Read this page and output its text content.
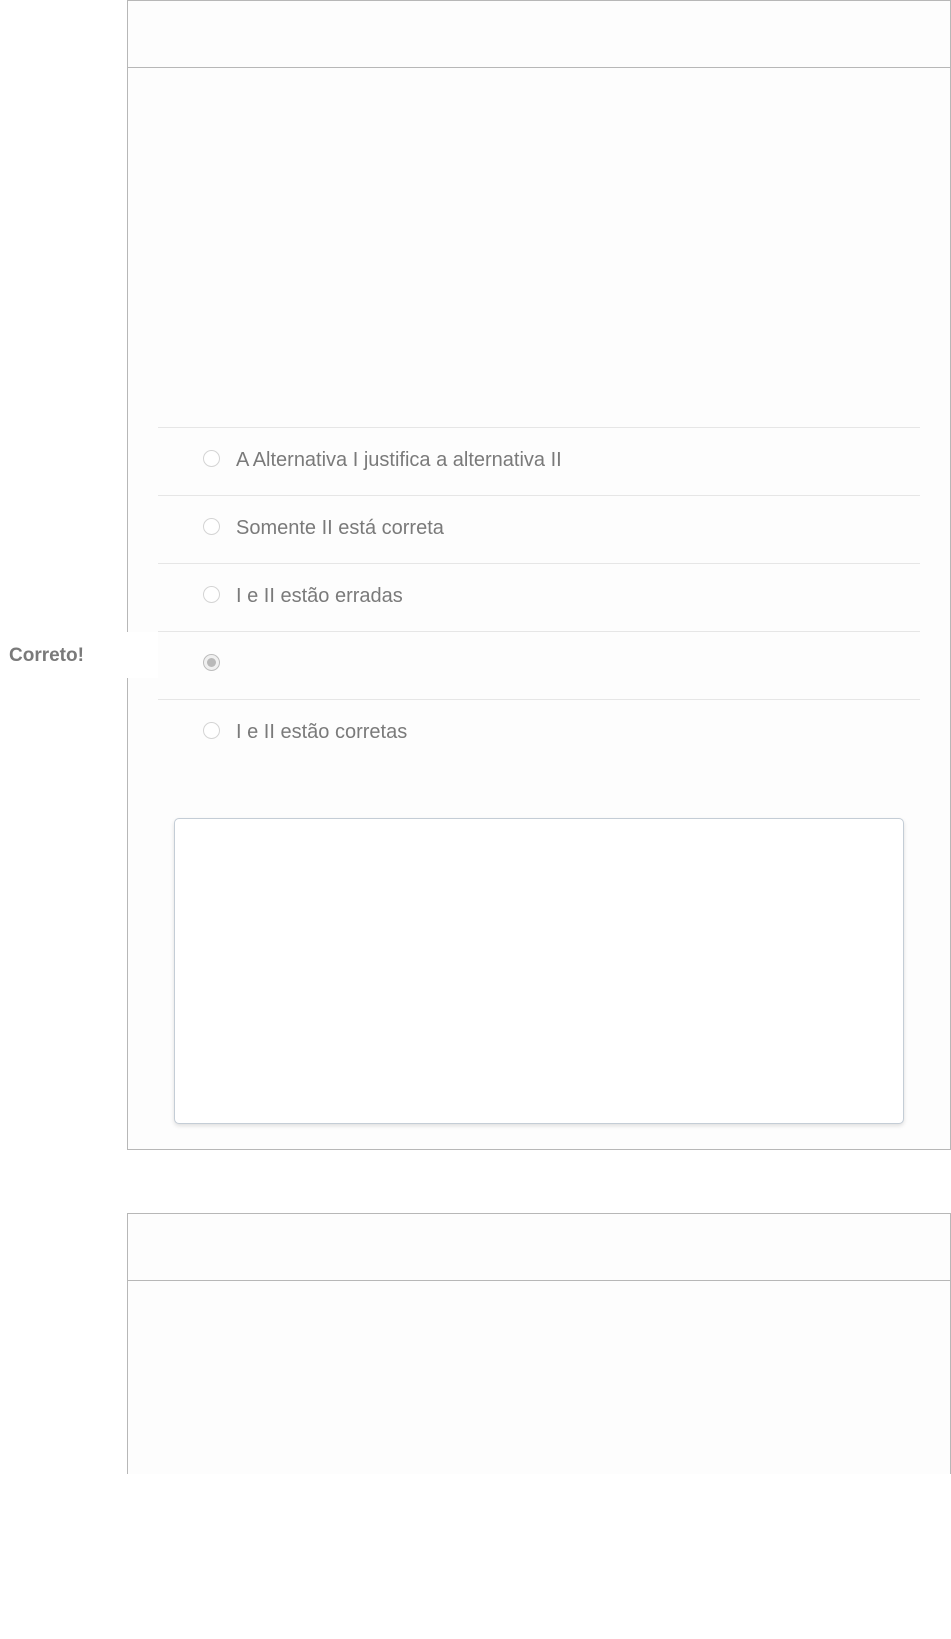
A Alternativa I justifica a alternativa II
Somente II está correta
I e II estão erradas
I e II estão corretas
Correto!
